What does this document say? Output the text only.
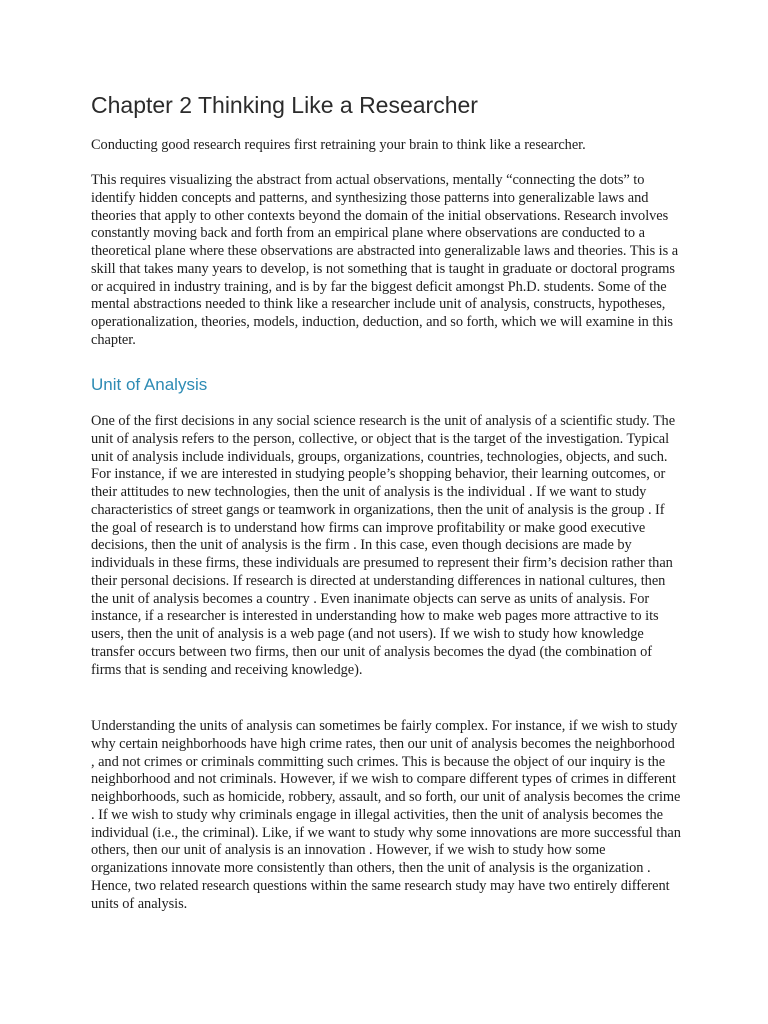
Chapter 2 Thinking Like a Researcher

Conducting good research requires first retraining your brain to think like a researcher.

This requires visualizing the abstract from actual observations, mentally “connecting the dots” to identify hidden concepts and patterns, and synthesizing those patterns into generalizable laws and theories that apply to other contexts beyond the domain of the initial observations. Research involves constantly moving back and forth from an empirical plane where observations are conducted to a theoretical plane where these observations are abstracted into generalizable laws and theories. This is a skill that takes many years to develop, is not something that is taught in graduate or doctoral programs or acquired in industry training, and is by far the biggest deficit amongst Ph.D. students. Some of the mental abstractions needed to think like a researcher include unit of analysis, constructs, hypotheses, operationalization, theories, models, induction, deduction, and so forth, which we will examine in this chapter.

Unit of Analysis

One of the first decisions in any social science research is the unit of analysis of a scientific study. The unit of analysis refers to the person, collective, or object that is the target of the investigation. Typical unit of analysis include individuals, groups, organizations, countries, technologies, objects, and such. For instance, if we are interested in studying people’s shopping behavior, their learning outcomes, or their attitudes to new technologies, then the unit of analysis is the individual . If we want to study characteristics of street gangs or teamwork in organizations, then the unit of analysis is the group . If the goal of research is to understand how firms can improve profitability or make good executive decisions, then the unit of analysis is the firm . In this case, even though decisions are made by individuals in these firms, these individuals are presumed to represent their firm’s decision rather than their personal decisions. If research is directed at understanding differences in national cultures, then the unit of analysis becomes a country . Even inanimate objects can serve as units of analysis. For instance, if a researcher is interested in understanding how to make web pages more attractive to its users, then the unit of analysis is a web page (and not users). If we wish to study how knowledge transfer occurs between two firms, then our unit of analysis becomes the dyad (the combination of firms that is sending and receiving knowledge).

Understanding the units of analysis can sometimes be fairly complex. For instance, if we wish to study why certain neighborhoods have high crime rates, then our unit of analysis becomes the neighborhood , and not crimes or criminals committing such crimes. This is because the object of our inquiry is the neighborhood and not criminals. However, if we wish to compare different types of crimes in different neighborhoods, such as homicide, robbery, assault, and so forth, our unit of analysis becomes the crime . If we wish to study why criminals engage in illegal activities, then the unit of analysis becomes the individual (i.e., the criminal). Like, if we want to study why some innovations are more successful than others, then our unit of analysis is an innovation . However, if we wish to study how some organizations innovate more consistently than others, then the unit of analysis is the organization . Hence, two related research questions within the same research study may have two entirely different units of analysis.
